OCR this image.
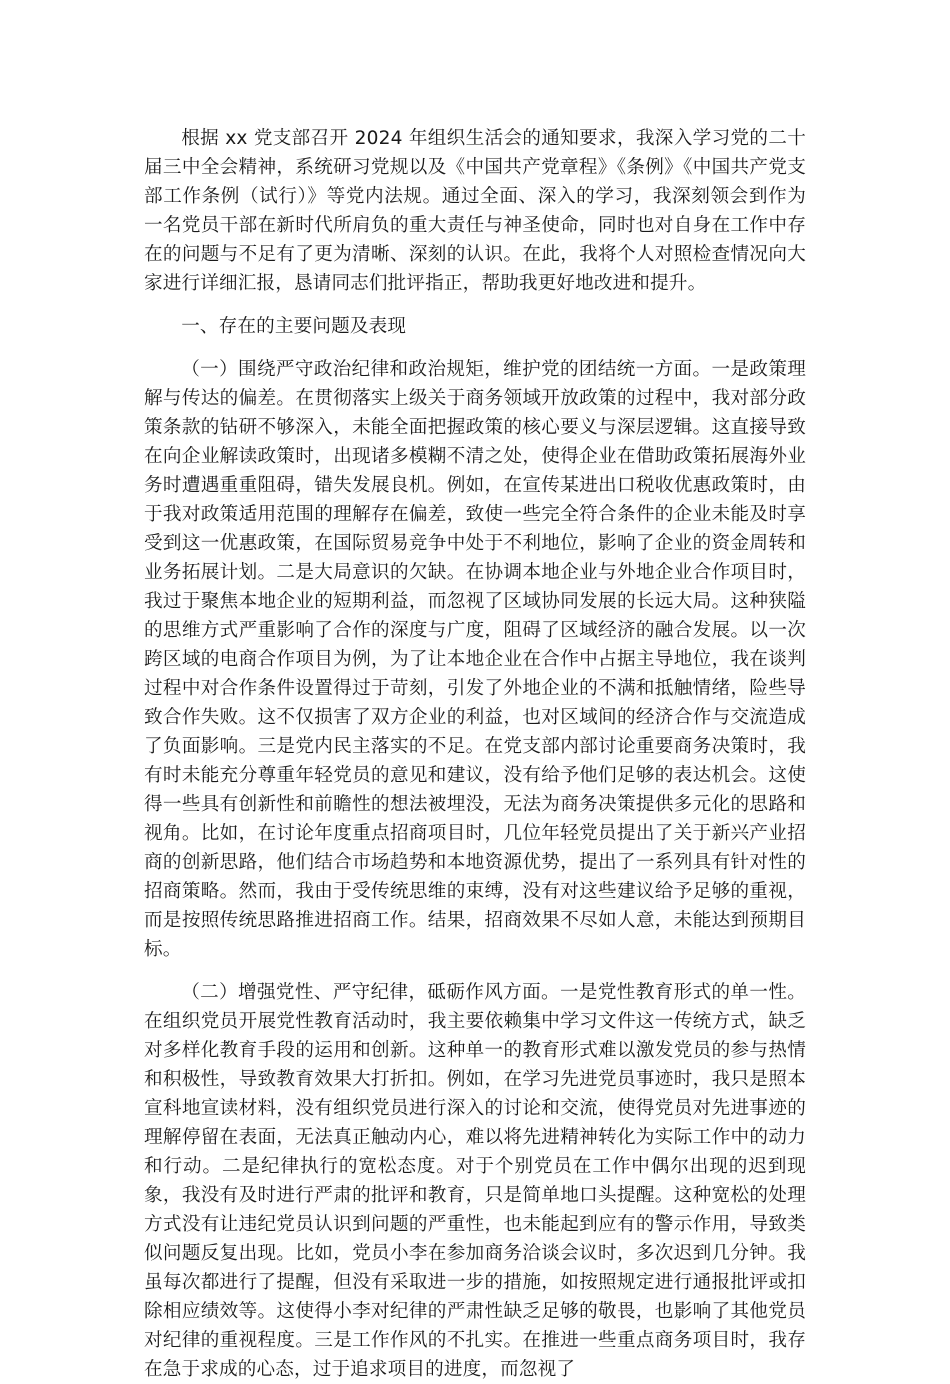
根据 xx 党支部召开 2024 年组织生活会的通知要求，我深入学习党的二十届三中全会精神，系统研习党规以及《中国共产党章程》《条例》《中国共产党支部工作条例（试行）》等党内法规。通过全面、深入的学习，我深刻领会到作为一名党员干部在新时代所肩负的重大责任与神圣使命，同时也对自身在工作中存在的问题与不足有了更为清晰、深刻的认识。在此，我将个人对照检查情况向大家进行详细汇报，恳请同志们批评指正，帮助我更好地改进和提升。

一、存在的主要问题及表现

（一）围绕严守政治纪律和政治规矩，维护党的团结统一方面。一是政策理解与传达的偏差。在贯彻落实上级关于商务领域开放政策的过程中，我对部分政策条款的钻研不够深入，未能全面把握政策的核心要义与深层逻辑。这直接导致在向企业解读政策时，出现诸多模糊不清之处，使得企业在借助政策拓展海外业务时遭遇重重阻碍，错失发展良机。例如，在宣传某进出口税收优惠政策时，由于我对政策适用范围的理解存在偏差，致使一些完全符合条件的企业未能及时享受到这一优惠政策，在国际贸易竞争中处于不利地位，影响了企业的资金周转和业务拓展计划。二是大局意识的欠缺。在协调本地企业与外地企业合作项目时，我过于聚焦本地企业的短期利益，而忽视了区域协同发展的长远大局。这种狭隘的思维方式严重影响了合作的深度与广度，阻碍了区域经济的融合发展。以一次跨区域的电商合作项目为例，为了让本地企业在合作中占据主导地位，我在谈判过程中对合作条件设置得过于苛刻，引发了外地企业的不满和抵触情绪，险些导致合作失败。这不仅损害了双方企业的利益，也对区域间的经济合作与交流造成了负面影响。三是党内民主落实的不足。在党支部内部讨论重要商务决策时，我有时未能充分尊重年轻党员的意见和建议，没有给予他们足够的表达机会。这使得一些具有创新性和前瞻性的想法被埋没，无法为商务决策提供多元化的思路和视角。比如，在讨论年度重点招商项目时，几位年轻党员提出了关于新兴产业招商的创新思路，他们结合市场趋势和本地资源优势，提出了一系列具有针对性的招商策略。然而，我由于受传统思维的束缚，没有对这些建议给予足够的重视，而是按照传统思路推进招商工作。结果，招商效果不尽如人意，未能达到预期目标。

（二）增强党性、严守纪律，砥砺作风方面。一是党性教育形式的单一性。在组织党员开展党性教育活动时，我主要依赖集中学习文件这一传统方式，缺乏对多样化教育手段的运用和创新。这种单一的教育形式难以激发党员的参与热情和积极性，导致教育效果大打折扣。例如，在学习先进党员事迹时，我只是照本宣科地宣读材料，没有组织党员进行深入的讨论和交流，使得党员对先进事迹的理解停留在表面，无法真正触动内心，难以将先进精神转化为实际工作中的动力和行动。二是纪律执行的宽松态度。对于个别党员在工作中偶尔出现的迟到现象，我没有及时进行严肃的批评和教育，只是简单地口头提醒。这种宽松的处理方式没有让违纪党员认识到问题的严重性，也未能起到应有的警示作用，导致类似问题反复出现。比如，党员小李在参加商务洽谈会议时，多次迟到几分钟。我虽每次都进行了提醒，但没有采取进一步的措施，如按照规定进行通报批评或扣除相应绩效等。这使得小李对纪律的严肃性缺乏足够的敬畏，也影响了其他党员对纪律的重视程度。三是工作作风的不扎实。在推进一些重点商务项目时，我存在急于求成的心态，过于追求项目的进度，而忽视了
